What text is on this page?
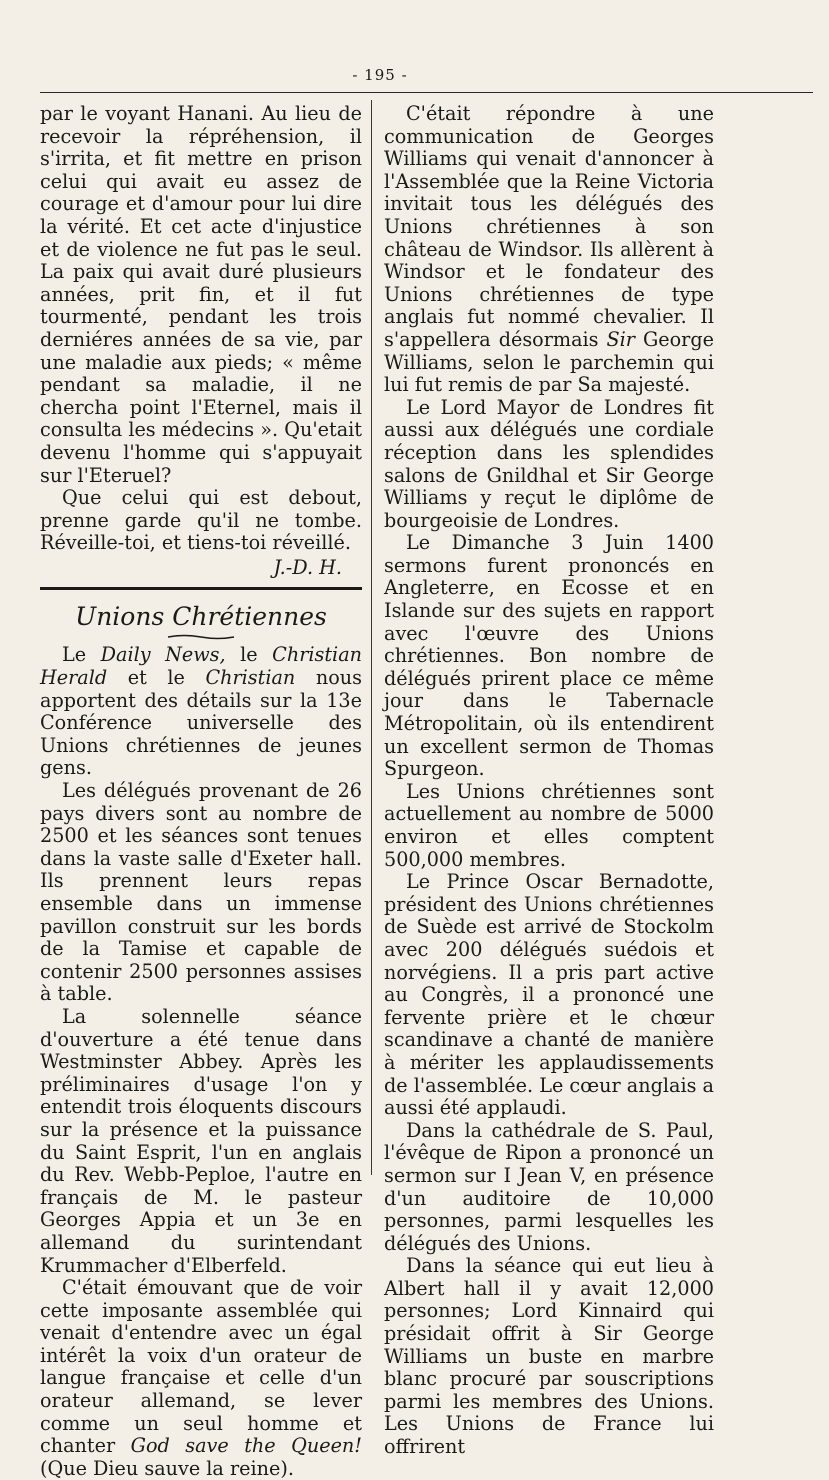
- 195 -

par le voyant Hanani. Au lieu de recevoir la répréhension, il s'irrita, et fit mettre en prison celui qui avait eu assez de courage et d'amour pour lui dire la vérité. Et cet acte d'injustice et de violence ne fut pas le seul. La paix qui avait duré plusieurs années, prit fin, et il fut tourmenté, pendant les trois derniéres années de sa vie, par une maladie aux pieds; « même pendant sa maladie, il ne chercha point l'Eternel, mais il consulta les médecins ». Qu'etait devenu l'homme qui s'appuyait sur l'Eteruel?

Que celui qui est debout, prenne garde qu'il ne tombe. Réveille-toi, et tiens-toi réveillé.

J.-D. H.
Unions Chrétiennes

Le Daily News, le Christian Herald et le Christian nous apportent des détails sur la 13e Conférence universelle des Unions chrétiennes de jeunes gens.

Les délégués provenant de 26 pays divers sont au nombre de 2500 et les séances sont tenues dans la vaste salle d'Exeter hall. Ils prennent leurs repas ensemble dans un immense pavillon construit sur les bords de la Tamise et capable de contenir 2500 personnes assises à table.

La solennelle séance d'ouverture a été tenue dans Westminster Abbey. Après les préliminaires d'usage l'on y entendit trois éloquents discours sur la présence et la puissance du Saint Esprit, l'un en anglais du Rev. Webb-Peploe, l'autre en français de M. le pasteur Georges Appia et un 3e en allemand du surintendant Krummacher d'Elberfeld.

C'était émouvant que de voir cette imposante assemblée qui venait d'entendre avec un égal intérêt la voix d'un orateur de langue française et celle d'un orateur allemand, se lever comme un seul homme et chanter God save the Queen! (Que Dieu sauve la reine).

C'était répondre à une communication de Georges Williams qui venait d'annoncer à l'Assemblée que la Reine Victoria invitait tous les délégués des Unions chrétiennes à son château de Windsor. Ils allèrent à Windsor et le fondateur des Unions chrétiennes de type anglais fut nommé chevalier. Il s'appellera désormais Sir George Williams, selon le parchemin qui lui fut remis de par Sa majesté.

Le Lord Mayor de Londres fit aussi aux délégués une cordiale réception dans les splendides salons de Gnildhal et Sir George Williams y reçut le diplôme de bourgeoisie de Londres.

Le Dimanche 3 Juin 1400 sermons furent prononcés en Angleterre, en Ecosse et en Islande sur des sujets en rapport avec l'œuvre des Unions chrétiennes. Bon nombre de délégués prirent place ce même jour dans le Tabernacle Métropolitain, où ils entendirent un excellent sermon de Thomas Spurgeon.

Les Unions chrétiennes sont actuellement au nombre de 5000 environ et elles comptent 500,000 membres.

Le Prince Oscar Bernadotte, président des Unions chrétiennes de Suède est arrivé de Stockolm avec 200 délégués suédois et norvégiens. Il a pris part active au Congrès, il a prononcé une fervente prière et le chœur scandinave a chanté de manière à mériter les applaudissements de l'assemblée. Le cœur anglais a aussi été applaudi.

Dans la cathédrale de S. Paul, l'évêque de Ripon a prononcé un sermon sur I Jean V, en présence d'un auditoire de 10,000 personnes, parmi lesquelles les délégués des Unions.

Dans la séance qui eut lieu à Albert hall il y avait 12,000 personnes; Lord Kinnaird qui présidait offrit à Sir George Williams un buste en marbre blanc procuré par souscriptions parmi les membres des Unions. Les Unions de France lui offrirent
